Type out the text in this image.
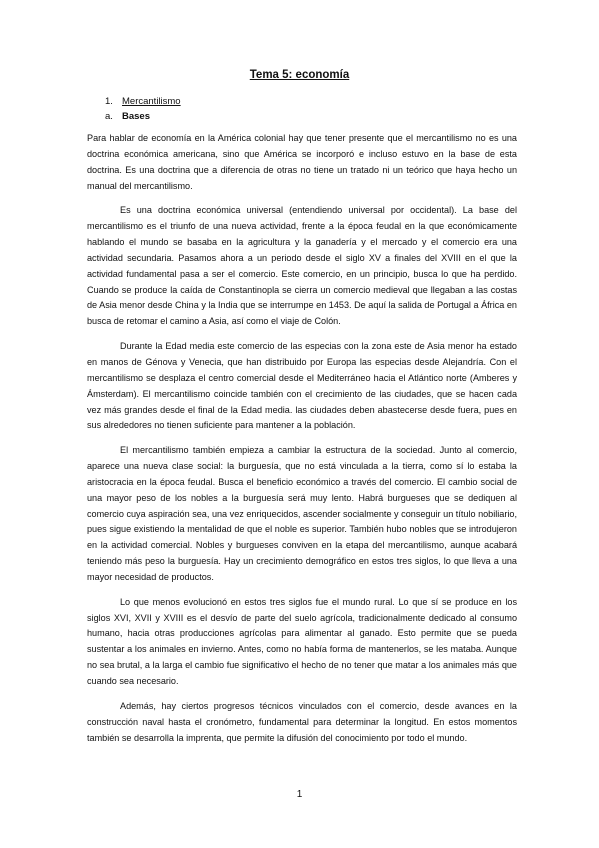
Tema 5: economía
1. Mercantilismo
a. Bases

Para hablar de economía en la América colonial hay que tener presente que el mercantilismo no es una doctrina económica americana, sino que América se incorporó e incluso estuvo en la base de esta doctrina. Es una doctrina que a diferencia de otras no tiene un tratado ni un teórico que haya hecho un manual del mercantilismo.

Es una doctrina económica universal (entendiendo universal por occidental). La base del mercantilismo es el triunfo de una nueva actividad, frente a la época feudal en la que económicamente hablando el mundo se basaba en la agricultura y la ganadería y el mercado y el comercio era una actividad secundaria. Pasamos ahora a un periodo desde el siglo XV a finales del XVIII en el que la actividad fundamental pasa a ser el comercio. Este comercio, en un principio, busca lo que ha perdido. Cuando se produce la caída de Constantinopla se cierra un comercio medieval que llegaban a las costas de Asia menor desde China y la India que se interrumpe en 1453. De aquí la salida de Portugal a África en busca de retomar el camino a Asia, así como el viaje de Colón.

Durante la Edad media este comercio de las especias con la zona este de Asia menor ha estado en manos de Génova y Venecia, que han distribuido por Europa las especias desde Alejandría. Con el mercantilismo se desplaza el centro comercial desde el Mediterráneo hacia el Atlántico norte (Amberes y Ámsterdam). El mercantilismo coincide también con el crecimiento de las ciudades, que se hacen cada vez más grandes desde el final de la Edad media. las ciudades deben abastecerse desde fuera, pues en sus alrededores no tienen suficiente para mantener a la población.

El mercantilismo también empieza a cambiar la estructura de la sociedad. Junto al comercio, aparece una nueva clase social: la burguesía, que no está vinculada a la tierra, como sí lo estaba la aristocracia en la época feudal. Busca el beneficio económico a través del comercio. El cambio social de una mayor peso de los nobles a la burguesía será muy lento. Habrá burgueses que se dediquen al comercio cuya aspiración sea, una vez enriquecidos, ascender socialmente y conseguir un título nobiliario, pues sigue existiendo la mentalidad de que el noble es superior. También hubo nobles que se introdujeron en la actividad comercial. Nobles y burgueses conviven en la etapa del mercantilismo, aunque acabará teniendo más peso la burguesía. Hay un crecimiento demográfico en estos tres siglos, lo que lleva a una mayor necesidad de productos.

Lo que menos evolucionó en estos tres siglos fue el mundo rural. Lo que sí se produce en los siglos XVI, XVII y XVIII es el desvío de parte del suelo agrícola, tradicionalmente dedicado al consumo humano, hacia otras producciones agrícolas para alimentar al ganado. Esto permite que se pueda sustentar a los animales en invierno. Antes, como no había forma de mantenerlos, se les mataba. Aunque no sea brutal, a la larga el cambio fue significativo el hecho de no tener que matar a los animales más que cuando sea necesario.

Además, hay ciertos progresos técnicos vinculados con el comercio, desde avances en la construcción naval hasta el cronómetro, fundamental para determinar la longitud. En estos momentos también se desarrolla la imprenta, que permite la difusión del conocimiento por todo el mundo.

1
